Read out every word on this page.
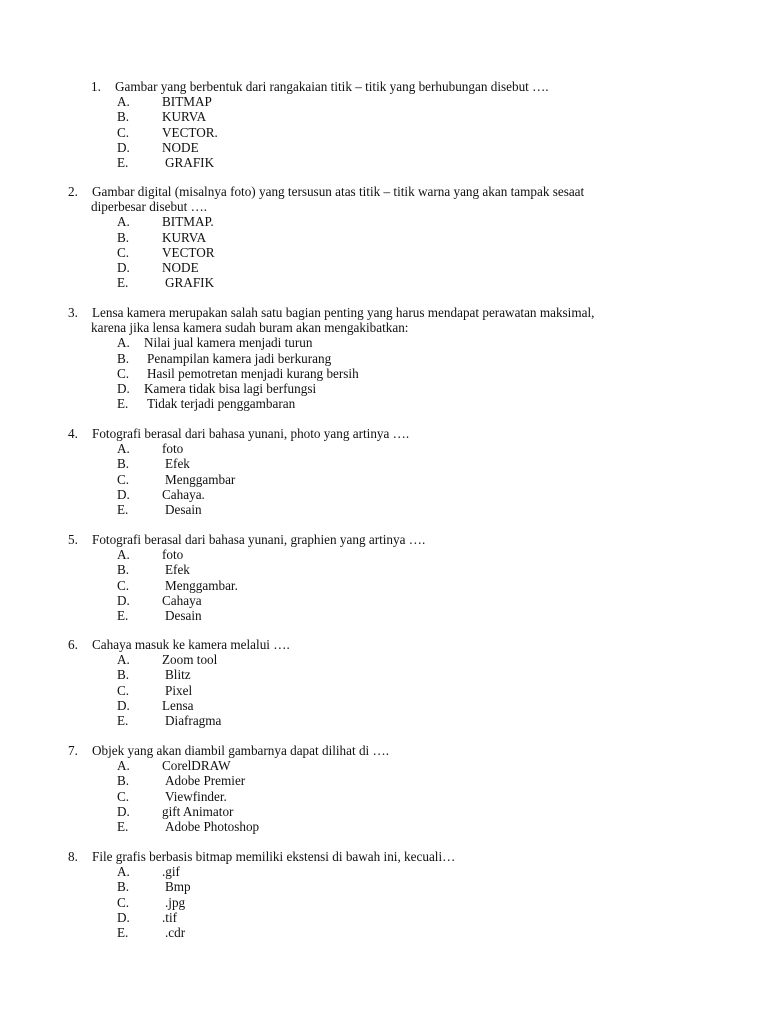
1. Gambar yang berbentuk dari rangakaian titik – titik yang berhubungan disebut ….
A. BITMAP
B. KURVA
C. VECTOR.
D. NODE
E.	GRAFIK
2. Gambar digital (misalnya foto) yang tersusun atas titik – titik warna yang akan tampak sesaat
diperbesar disebut ….
A. BITMAP.
B. KURVA
C. VECTOR
D. NODE
E.	GRAFIK
3. Lensa kamera merupakan salah satu bagian penting yang harus mendapat perawatan maksimal,
karena jika lensa kamera sudah buram akan mengakibatkan:
A. Nilai jual kamera menjadi turun
B. Penampilan kamera jadi berkurang
C. Hasil pemotretan menjadi kurang bersih
D. Kamera tidak bisa lagi berfungsi
E. Tidak terjadi penggambaran
4. Fotografi berasal dari bahasa yunani, photo yang artinya ….
A. foto
B.	Efek
C.	Menggambar
D. Cahaya.
E.	Desain
5. Fotografi berasal dari bahasa yunani, graphien yang artinya ….
A. foto
B.	Efek
C.	Menggambar.
D. Cahaya
E.	Desain
6. Cahaya masuk ke kamera melalui ….
A. Zoom tool
B.	Blitz
C.	Pixel
D. Lensa
E.	Diafragma
7. Objek yang akan diambil gambarnya dapat dilihat di ….
A. CorelDRAW
B.	Adobe Premier
C.	Viewfinder.
D. gift Animator
E.	Adobe Photoshop
8. File grafis berbasis bitmap memiliki ekstensi di bawah ini, kecuali…
A. .gif
B.	Bmp
C.	.jpg
D. .tif
E.	.cdr
